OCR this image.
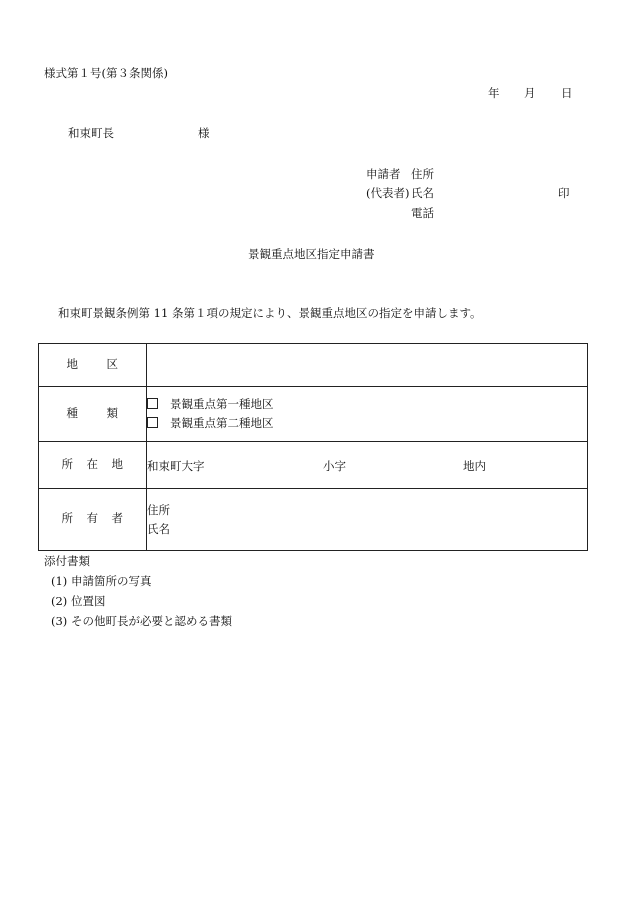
様式第１号(第３条関係)
年 月 日
和束町長	様
申請者 住所
(代表者) 氏名	印
電話
景観重点地区指定申請書
和束町景観条例第 11 条第１項の規定により、景観重点地区の指定を申請します。
地 区	

種 類	景観重点第一種地区
景観重点第二種地区

所 在 地	和束町大字 小字 地内

所 有 者	住所
氏名
添付書類
(1) 申請箇所の写真
(2) 位置図
(3) その他町長が必要と認める書類
